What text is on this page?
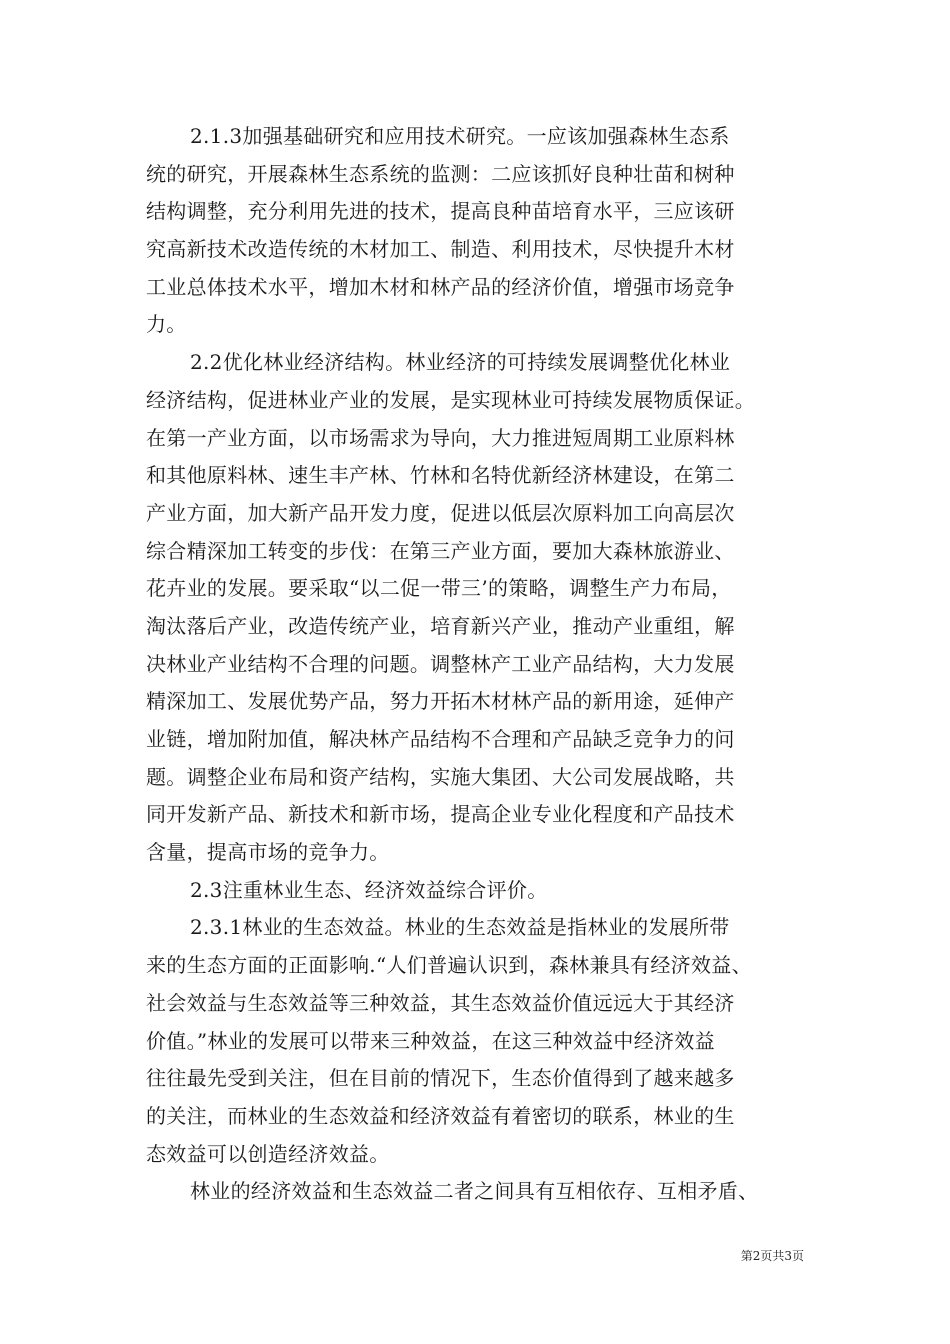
2.1.3加强基础研究和应用技术研究。一应该加强森林生态系
统的研究，开展森林生态系统的监测：二应该抓好良种壮苗和树种
结构调整，充分利用先进的技术，提高良种苗培育水平，三应该研
究高新技术改造传统的木材加工、制造、利用技术，尽快提升木材
工业总体技术水平，增加木材和林产品的经济价值，增强市场竞争
力。
2.2优化林业经济结构。林业经济的可持续发展调整优化林业
经济结构，促进林业产业的发展，是实现林业可持续发展物质保证。
在第一产业方面，以市场需求为导向，大力推进短周期工业原料林
和其他原料林、速生丰产林、竹林和名特优新经济林建设，在第二
产业方面，加大新产品开发力度，促进以低层次原料加工向高层次
综合精深加工转变的步伐：在第三产业方面，要加大森林旅游业、
花卉业的发展。要采取“以二促一带三’的策略，调整生产力布局，
淘汰落后产业，改造传统产业，培育新兴产业，推动产业重组，解
决林业产业结构不合理的问题。调整林产工业产品结构，大力发展
精深加工、发展优势产品，努力开拓木材林产品的新用途，延伸产
业链，增加附加值，解决林产品结构不合理和产品缺乏竞争力的问
题。调整企业布局和资产结构，实施大集团、大公司发展战略，共
同开发新产品、新技术和新市场，提高企业专业化程度和产品技术
含量，提高市场的竞争力。
2.3注重林业生态、经济效益综合评价。
2.3.1林业的生态效益。林业的生态效益是指林业的发展所带
来的生态方面的正面影响.“人们普遍认识到，森林兼具有经济效益、
社会效益与生态效益等三种效益，其生态效益价值远远大于其经济
价值。”林业的发展可以带来三种效益，在这三种效益中经济效益
往往最先受到关注，但在目前的情况下，生态价值得到了越来越多
的关注，而林业的生态效益和经济效益有着密切的联系，林业的生
态效益可以创造经济效益。
林业的经济效益和生态效益二者之间具有互相依存、互相矛盾、
第2页共3页
